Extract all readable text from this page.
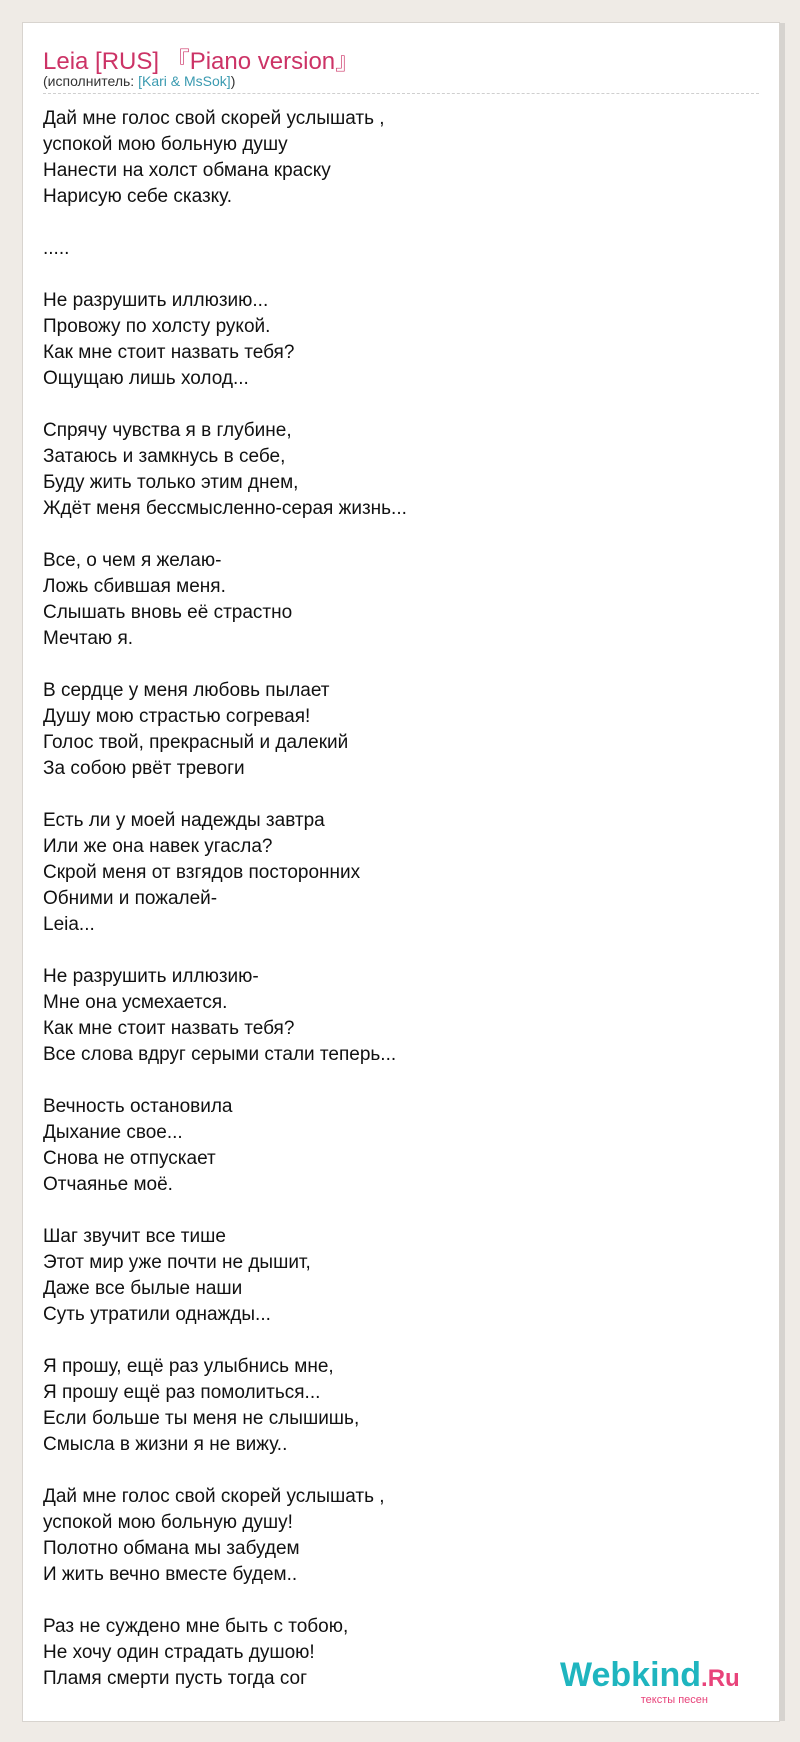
Leia [RUS] 『Piano version』
(исполнитель: [Kari & MsSok])
Дай мне голос свой скорей услышать ,
успокой мою больную душу
Нанести на холст обмана краску
Нарисую себе сказку.
.....
Не разрушить иллюзию...
Провожу по холсту рукой.
Как мне стоит назвать тебя?
Ощущаю лишь холод...
Спрячу чувства я в глубине,
Затаюсь и замкнусь в себе,
Буду жить только этим днем,
Ждёт меня бессмысленно-серая жизнь...
Все, о чем я желаю-
Ложь сбившая меня.
Слышать вновь её страстно
Мечтаю я.
В сердце у меня любовь пылает
Душу мою страстью согревая!
Голос твой, прекрасный и далекий
За собою рвёт тревоги
Есть ли у моей надежды завтра
Или же она навек угасла?
Скрой меня от взгядов посторонних
Обними и пожалей-
Leia...
Не разрушить иллюзию-
Мне она усмехается.
Как мне стоит назвать тебя?
Все слова вдруг серыми стали теперь...
Вечность остановила
Дыхание свое...
Снова не отпускает
Отчаянье моё.
Шаг звучит все тише
Этот мир уже почти не дышит,
Даже все былые наши
Суть утратили однажды...
Я прошу, ещё раз улыбнись мне,
Я прошу ещё раз помолиться...
Если больше ты меня не слышишь,
Смысла в жизни я не вижу..
Дай мне голос свой скорей услышать ,
успокой мою больную душу!
Полотно обмана мы забудем
И жить вечно вместе будем..
Раз не суждено мне быть с тобою,
Не хочу один страдать душою!
Пламя смерти пусть тогда сог	Webkind.Ru
тексты песен
